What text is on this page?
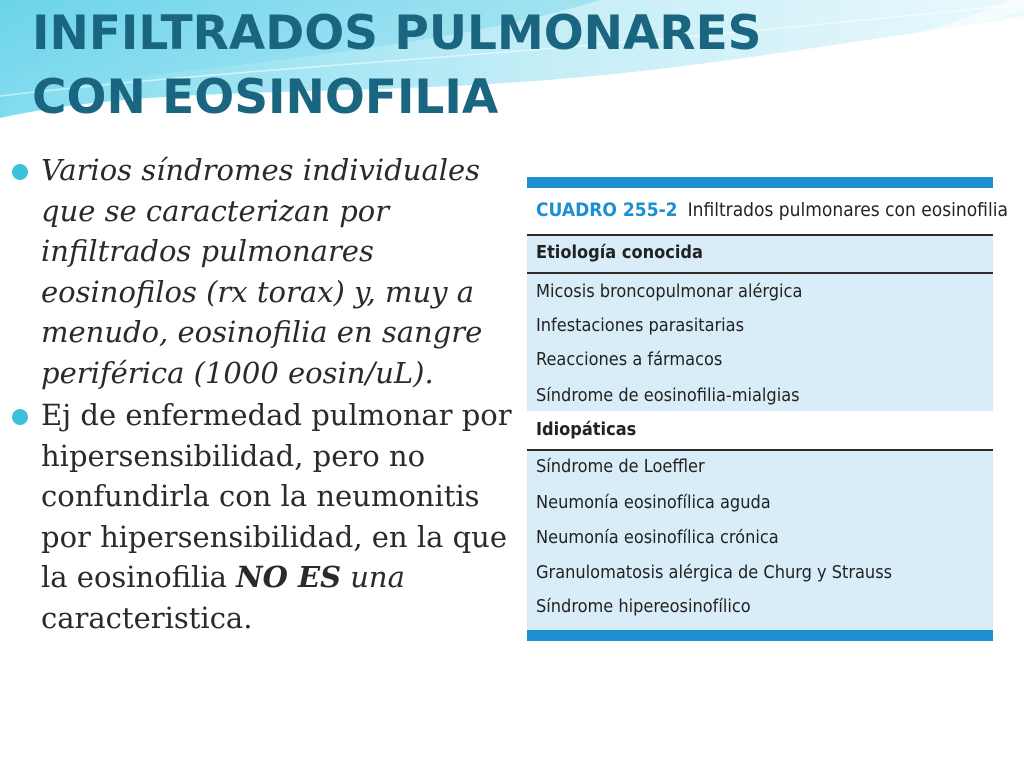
INFILTRADOS PULMONARES
CON EOSINOFILIA
Varios síndromes individuales que se caracterizan por infiltrados pulmonares eosinofilos (rx torax) y, muy a menudo, eosinofilia en sangre periférica (1000 eosin/uL).
Ej de enfermedad pulmonar por hipersensibilidad, pero no confundirla con la neumonitis por hipersensibilidad, en la que la eosinofilia NO ES una caracteristica.
CUADRO 255-2 Infiltrados pulmonares con eosinofilia
Etiología conocida
Micosis broncopulmonar alérgica
Infestaciones parasitarias
Reacciones a fármacos
Síndrome de eosinofilia-mialgias
Idiopáticas
Síndrome de Loeffler
Neumonía eosinofílica aguda
Neumonía eosinofílica crónica
Granulomatosis alérgica de Churg y Strauss
Síndrome hipereosinofílico
